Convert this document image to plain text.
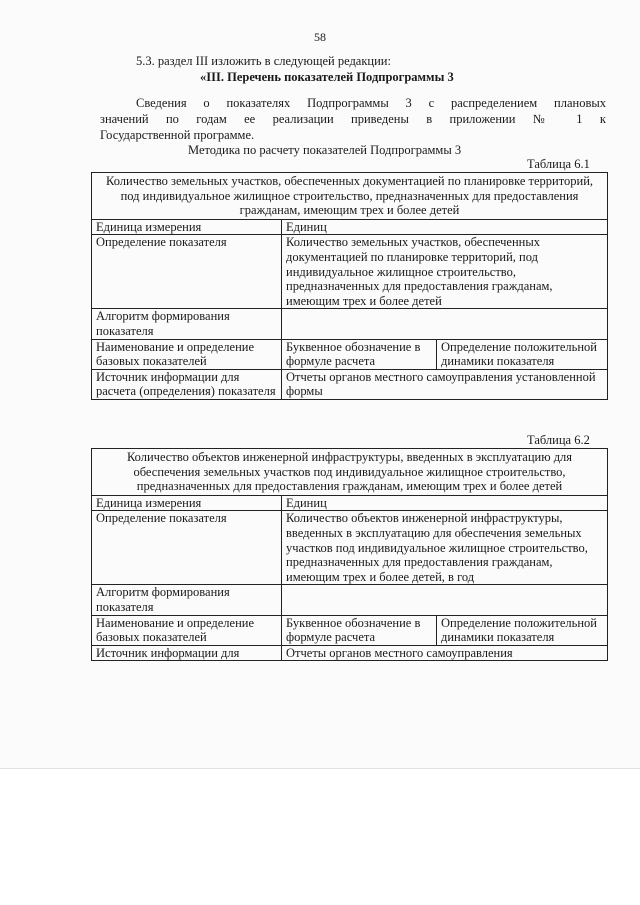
58
5.3. раздел III изложить в следующей редакции:
«III. Перечень показателей Подпрограммы 3
Сведения о показателях Подпрограммы 3 с распределением плановых
значений по годам ее реализации приведены в приложении № 1 к
Государственной программе.
Методика по расчету показателей Подпрограммы 3
Таблица 6.1
Количество земельных участков, обеспеченных документацией по планировке территорий, под индивидуальное жилищное строительство, предназначенных для предоставления гражданам, имеющим трех и более детей		
Единица измерения	Единиц	
Определение показателя	Количество земельных участков, обеспеченных документацией по планировке территорий, под индивидуальное жилищное строительство, предназначенных для предоставления гражданам, имеющим трех и более детей	
Алгоритм формирования показателя		
Наименование и определение базовых показателей	Буквенное обозначение в формуле расчета	Определение положительной динамики показателя
Источник информации для расчета (определения) показателя	Отчеты органов местного самоуправления установленной формы	
Таблица 6.2
Количество объектов инженерной инфраструктуры, введенных в эксплуатацию для обеспечения земельных участков под индивидуальное жилищное строительство, предназначенных для предоставления гражданам, имеющим трех и более детей		
Единица измерения	Единиц	
Определение показателя	Количество объектов инженерной инфраструктуры, введенных в эксплуатацию для обеспечения земельных участков под индивидуальное жилищное строительство, предназначенных для предоставления гражданам, имеющим трех и более детей, в год	
Алгоритм формирования показателя		
Наименование и определение базовых показателей	Буквенное обозначение в формуле расчета	Определение положительной динамики показателя
Источник информации для	Отчеты органов местного самоуправления	
